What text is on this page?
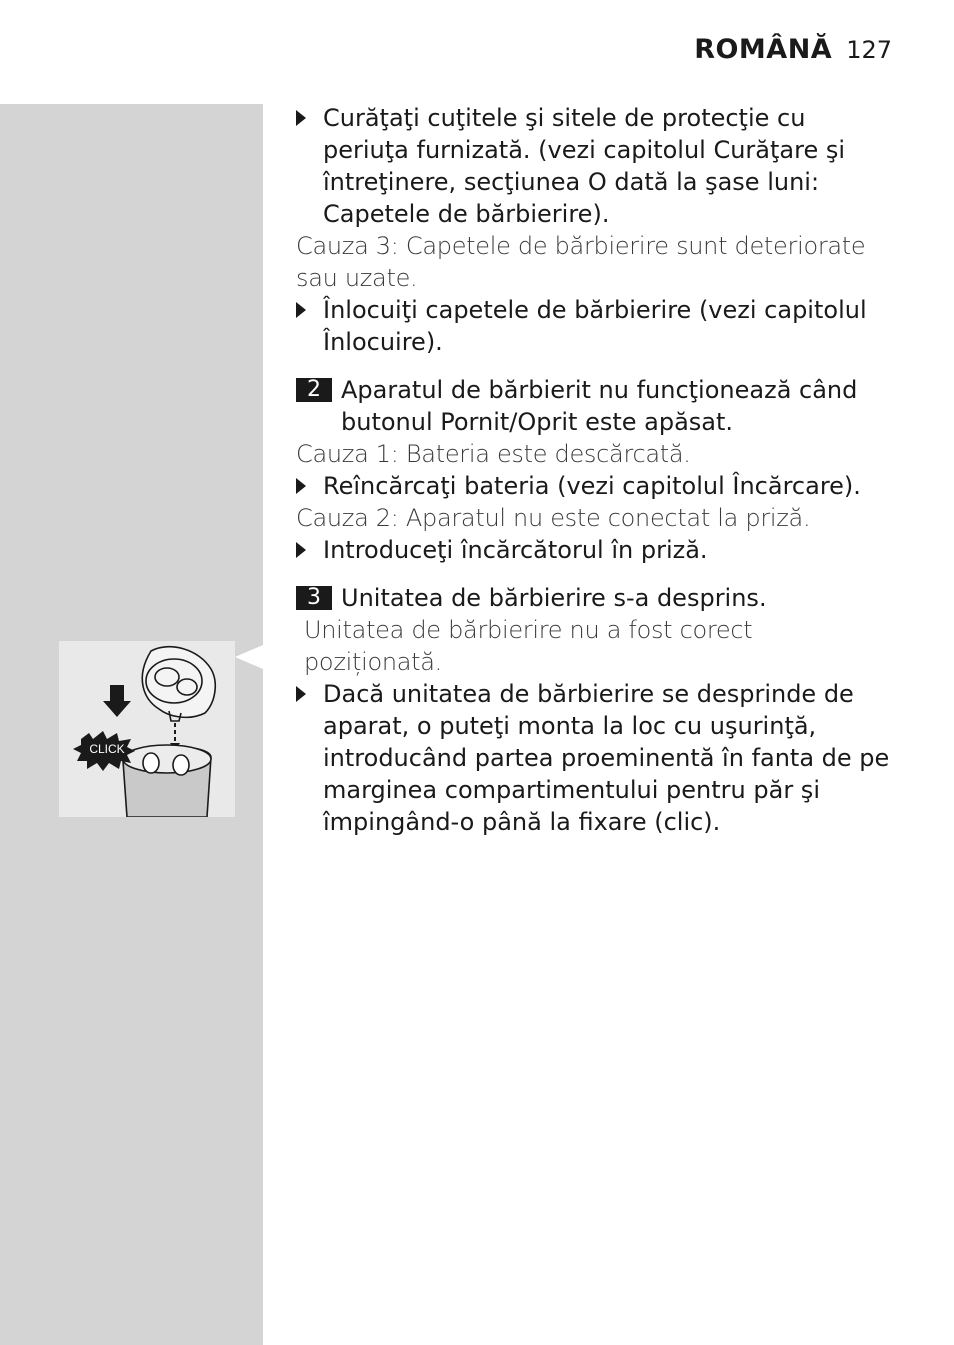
ROMÂNĂ 127
CLICK
Curăţaţi cuţitele şi sitele de protecţie cu periuţa furnizată. (vezi capitolul Curăţare şi întreţinere, secţiunea O dată la şase luni: Capetele de bărbierire).
Cauza 3: Capetele de bărbierire sunt deteriorate sau uzate.
Înlocuiţi capetele de bărbierire (vezi capitolul Înlocuire).
2 Aparatul de bărbierit nu funcţionează când butonul Pornit/Oprit este apăsat.
Cauza 1: Bateria este descărcată.
Reîncărcaţi bateria (vezi capitolul Încărcare).
Cauza 2: Aparatul nu este conectat la priză.
Introduceţi încărcătorul în priză.
3 Unitatea de bărbierire s-a desprins.
Unitatea de bărbierire nu a fost corect poziționată.
Dacă unitatea de bărbierire se desprinde de aparat, o puteţi monta la loc cu uşurinţă, introducând partea proeminentă în fanta de pe marginea compartimentului pentru păr şi împingând-o până la fixare (clic).
